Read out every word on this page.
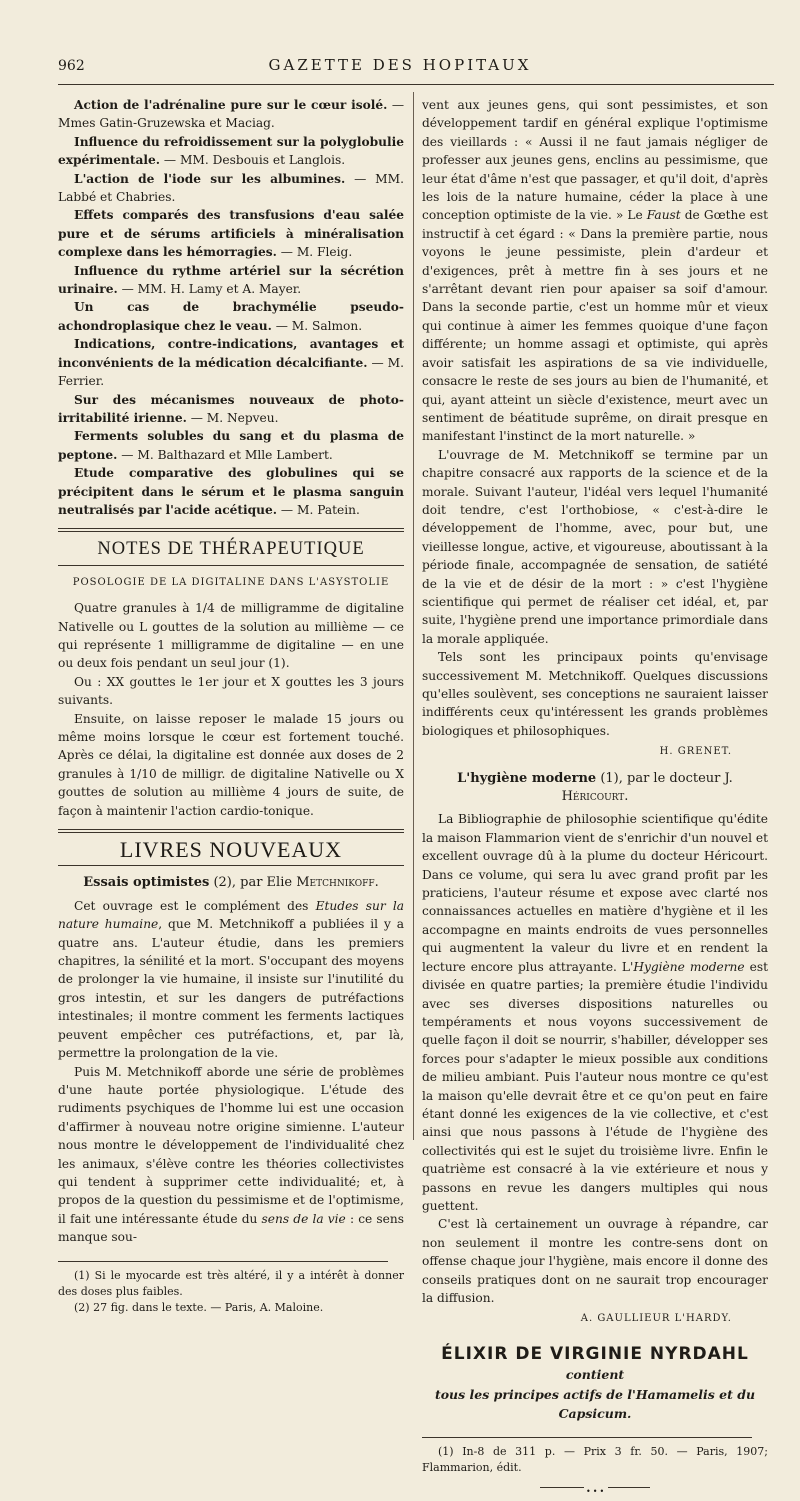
962	GAZETTE DES HOPITAUX

Action de l'adrénaline pure sur le cœur isolé. — Mmes Gatin-Gruzewska et Maciag.

Influence du refroidissement sur la polyglobulie expérimentale. — MM. Desbouis et Langlois.

L'action de l'iode sur les albumines. — MM. Labbé et Chabries.

Effets comparés des transfusions d'eau salée pure et de sérums artificiels à minéralisation complexe dans les hémorragies. — M. Fleig.

Influence du rythme artériel sur la sécrétion urinaire. — MM. H. Lamy et A. Mayer.

Un cas de brachymélie pseudo-achondroplasique chez le veau. — M. Salmon.

Indications, contre-indications, avantages et inconvénients de la médication décalcifiante. — M. Ferrier.

Sur des mécanismes nouveaux de photo-irritabilité irienne. — M. Nepveu.

Ferments solubles du sang et du plasma de peptone. — M. Balthazard et Mlle Lambert.

Etude comparative des globulines qui se précipitent dans le sérum et le plasma sanguin neutralisés par l'acide acétique. — M. Patein.

NOTES DE THÉRAPEUTIQUE
POSOLOGIE DE LA DIGITALINE DANS L'ASYSTOLIE

Quatre granules à 1/4 de milligramme de digitaline Nativelle ou L gouttes de la solution au millième — ce qui représente 1 milligramme de digitaline — en une ou deux fois pendant un seul jour (1).

Ou : XX gouttes le 1er jour et X gouttes les 3 jours suivants.

Ensuite, on laisse reposer le malade 15 jours ou même moins lorsque le cœur est fortement touché. Après ce délai, la digitaline est donnée aux doses de 2 granules à 1/10 de milligr. de digitaline Nativelle ou X gouttes de solution au millième 4 jours de suite, de façon à maintenir l'action cardio-tonique.

LIVRES NOUVEAUX
Essais optimistes (2), par Elie Metchnikoff.

Cet ouvrage est le complément des Etudes sur la nature humaine, que M. Metchnikoff a publiées il y a quatre ans. L'auteur étudie, dans les premiers chapitres, la sénilité et la mort. S'occupant des moyens de prolonger la vie humaine, il insiste sur l'inutilité du gros intestin, et sur les dangers de putréfactions intestinales; il montre comment les ferments lactiques peuvent empêcher ces putréfactions, et, par là, permettre la prolongation de la vie.

Puis M. Metchnikoff aborde une série de problèmes d'une haute portée physiologique. L'étude des rudiments psychiques de l'homme lui est une occasion d'affirmer à nouveau notre origine simienne. L'auteur nous montre le développement de l'individualité chez les animaux, s'élève contre les théories collectivistes qui tendent à supprimer cette individualité; et, à propos de la question du pessimisme et de l'optimisme, il fait une intéressante étude du sens de la vie : ce sens manque sou-

(1) Si le myocarde est très altéré, il y a intérêt à donner des doses plus faibles.

(2) 27 fig. dans le texte. — Paris, A. Maloine.

vent aux jeunes gens, qui sont pessimistes, et son développement tardif en général explique l'optimisme des vieillards : « Aussi il ne faut jamais négliger de professer aux jeunes gens, enclins au pessimisme, que leur état d'âme n'est que passager, et qu'il doit, d'après les lois de la nature humaine, céder la place à une conception optimiste de la vie. » Le Faust de Gœthe est instructif à cet égard : « Dans la première partie, nous voyons le jeune pessimiste, plein d'ardeur et d'exigences, prêt à mettre fin à ses jours et ne s'arrêtant devant rien pour apaiser sa soif d'amour. Dans la seconde partie, c'est un homme mûr et vieux qui continue à aimer les femmes quoique d'une façon différente; un homme assagi et optimiste, qui après avoir satisfait les aspirations de sa vie individuelle, consacre le reste de ses jours au bien de l'humanité, et qui, ayant atteint un siècle d'existence, meurt avec un sentiment de béatitude suprême, on dirait presque en manifestant l'instinct de la mort naturelle. »

L'ouvrage de M. Metchnikoff se termine par un chapitre consacré aux rapports de la science et de la morale. Suivant l'auteur, l'idéal vers lequel l'humanité doit tendre, c'est l'orthobiose, « c'est-à-dire le développement de l'homme, avec, pour but, une vieillesse longue, active, et vigoureuse, aboutissant à la période finale, accompagnée de sensation, de satiété de la vie et de désir de la mort : » c'est l'hygiène scientifique qui permet de réaliser cet idéal, et, par suite, l'hygiène prend une importance primordiale dans la morale appliquée.

Tels sont les principaux points qu'envisage successivement M. Metchnikoff. Quelques discussions qu'elles soulèvent, ses conceptions ne sauraient laisser indifférents ceux qu'intéressent les grands problèmes biologiques et philosophiques.

H. GRENET.
L'hygiène moderne (1), par le docteur J. Héricourt.

La Bibliographie de philosophie scientifique qu'édite la maison Flammarion vient de s'enrichir d'un nouvel et excellent ouvrage dû à la plume du docteur Héricourt. Dans ce volume, qui sera lu avec grand profit par les praticiens, l'auteur résume et expose avec clarté nos connaissances actuelles en matière d'hygiène et il les accompagne en maints endroits de vues personnelles qui augmentent la valeur du livre et en rendent la lecture encore plus attrayante. L'Hygiène moderne est divisée en quatre parties; la première étudie l'individu avec ses diverses dispositions naturelles ou tempéraments et nous voyons successivement de quelle façon il doit se nourrir, s'habiller, développer ses forces pour s'adapter le mieux possible aux conditions de milieu ambiant. Puis l'auteur nous montre ce qu'est la maison qu'elle devrait être et ce qu'on peut en faire étant donné les exigences de la vie collective, et c'est ainsi que nous passons à l'étude de l'hygiène des collectivités qui est le sujet du troisième livre. Enfin le quatrième est consacré à la vie extérieure et nous y passons en revue les dangers multiples qui nous guettent.

C'est là certainement un ouvrage à répandre, car non seulement il montre les contre-sens dont on offense chaque jour l'hygiène, mais encore il donne des conseils pratiques dont on ne saurait trop encourager la diffusion.

A. GAULLIEUR L'HARDY.
ÉLIXIR DE VIRGINIE NYRDAHL contient
tous les principes actifs de l'Hamamelis et du Capsicum.

(1) In-8 de 311 p. — Prix 3 fr. 50. — Paris, 1907; Flammarion, édit.

•••
